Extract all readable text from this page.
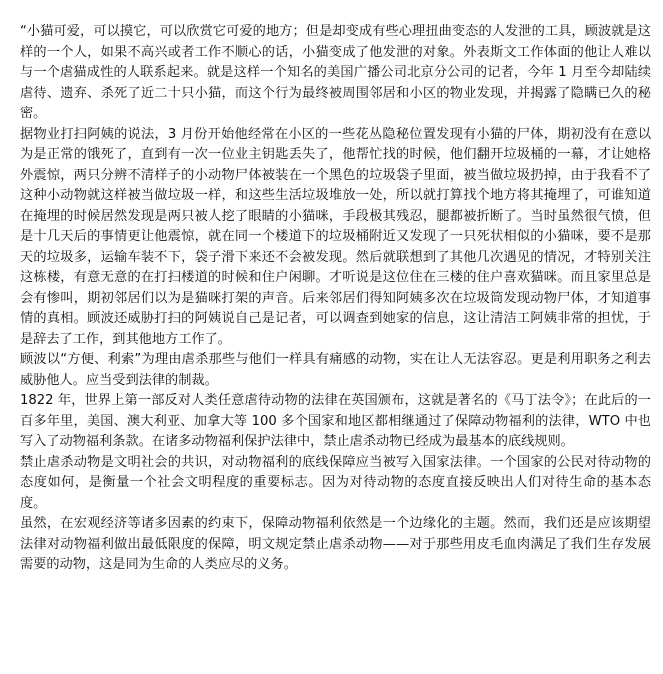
“小猫可爱，可以摸它，可以欣赏它可爱的地方；但是却变成有些心理扭曲变态的人发泄的工具，顾波就是这样的一个人，如果不高兴或者工作不顺心的话，小猫变成了他发泄的对象。外表斯文工作体面的他让人难以与一个虐猫成性的人联系起来。就是这样一个知名的美国广播公司北京分公司的记者，今年 1 月至今却陆续虐待、遗弃、杀死了近二十只小猫，而这个行为最终被周围邻居和小区的物业发现，并揭露了隐瞒已久的秘密。

据物业打扫阿姨的说法，3 月份开始他经常在小区的一些花丛隐秘位置发现有小猫的尸体，期初没有在意以为是正常的饿死了，直到有一次一位业主钥匙丢失了，他帮忙找的时候，他们翻开垃圾桶的一幕，才让她格外震惊，两只分辨不清样子的小动物尸体被装在一个黑色的垃圾袋子里面，被当做垃圾扔掉，由于我看不了这种小动物就这样被当做垃圾一样，和这些生活垃圾堆放一处，所以就打算找个地方将其掩埋了，可谁知道在掩埋的时候居然发现是两只被人挖了眼睛的小猫咪，手段极其残忍，腿都被折断了。当时虽然很气愤，但是十几天后的事情更让他震惊，就在同一个楼道下的垃圾桶附近又发现了一只死状相似的小猫咪，要不是那天的垃圾多，运输车装不下，袋子滑下来还不会被发现。然后就联想到了其他几次遇见的情况，才特别关注这栋楼，有意无意的在打扫楼道的时候和住户闲聊。才听说是这位住在三楼的住户喜欢猫咪。而且家里总是会有惨叫，期初邻居们以为是猫咪打架的声音。后来邻居们得知阿姨多次在垃圾筒发现动物尸体，才知道事情的真相。顾波还威胁打扫的阿姨说自己是记者，可以调查到她家的信息，这让清洁工阿姨非常的担忧，于是辞去了工作，到其他地方工作了。

顾波以“方便、利索”为理由虐杀那些与他们一样具有痛感的动物，实在让人无法容忍。更是利用职务之利去威胁他人。应当受到法律的制裁。

1822 年，世界上第一部反对人类任意虐待动物的法律在英国颁布，这就是著名的《马丁法令》；在此后的一百多年里，美国、澳大利亚、加拿大等 100 多个国家和地区都相继通过了保障动物福利的法律，WTO 中也写入了动物福利条款。在诸多动物福利保护法律中，禁止虐杀动物已经成为最基本的底线规则。

禁止虐杀动物是文明社会的共识，对动物福利的底线保障应当被写入国家法律。一个国家的公民对待动物的态度如何，是衡量一个社会文明程度的重要标志。因为对待动物的态度直接反映出人们对待生命的基本态度。

虽然，在宏观经济等诸多因素的约束下，保障动物福利依然是一个边缘化的主题。然而，我们还是应该期望法律对动物福利做出最低限度的保障，明文规定禁止虐杀动物——对于那些用皮毛血肉满足了我们生存发展需要的动物，这是同为生命的人类应尽的义务。
